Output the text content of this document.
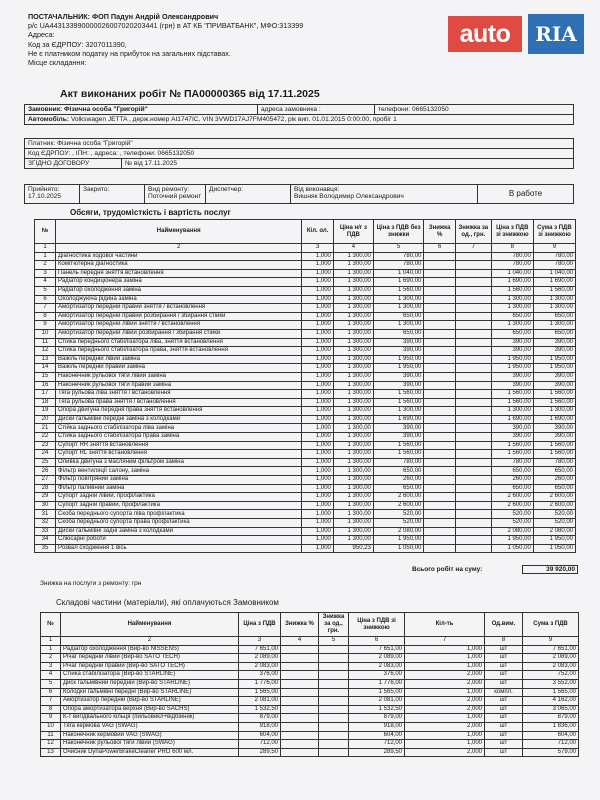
auto	RIA
ПОСТАЧАЛЬНИК: ФОП Падун Андрій Олександрович
р/с UA443133990000026007020203441 (грн) в АТ КБ "ПРИВАТБАНК", МФО:313399
Адреса:
Код за ЄДРПОУ: 3207011390,
Не є платником податку на прибуток на загальних підставах.
Місце складання:
Акт виконаних робіт № ПА00000365 від 17.11.2025
Замовник: Фізична особа "Григорій"	адреса замовника :	телефони: 0665132050
Автомобіль: Volkswagen JETTA , держ.номер АІ1747ІС, VIN 3VWD17AJ7FM405472, рік вип. 01.01.2015 0:00:00, пробіг 1
Платник: Фізична особа "Григорій"
Код ЄДРПОУ: , ІПН: , адреса: , телефони: 0665132050
ЗГІДНО ДОГОВОРУ	№ від 17.11.2025
Прийнято:
17.10.2025
Закрито:	Вид ремонту:
Поточний ремонт
Диспетчер:	Від виконавця:
Вишняк Володимир Олександрович	В работе
Обсяги, трудомісткість і вартість послуг
№	Найменування	Кіл. ол.	Ціна н/г з ПДВ	Ціна з ПДВ без знижки	Знижка %	Знижка за од., грн.	Ціна з ПДВ зі знижкою	Сума з ПДВ зі знижкою
1	2	3	4	5	6	7	8	9
1	Діагностика ходової частини	1,000	1 300,00	780,00			780,00	780,00
2	Комп'ютерна діагностика	1,000	1 300,00	780,00			780,00	780,00
3	Панель передня зняття встановлення	1,000	1 300,00	1 040,00			1 040,00	1 040,00
4	Радіатор кондиціонера заміна	1,000	1 300,00	1 690,00			1 690,00	1 690,00
5	Радіатор охолодження заміна	1,000	1 300,00	1 560,00			1 560,00	1 560,00
6	Охолоджуюча рідина заміна	1,000	1 300,00	1 300,00			1 300,00	1 300,00
7	Амортизатор передній правий зняття / встановлення	1,000	1 300,00	1 300,00			1 300,00	1 300,00
8	Амортизатор передній правий розбирання / збирання стійки	1,000	1 300,00	650,00			650,00	650,00
9	Амортизатор передній лівий зняття / встановлення	1,000	1 300,00	1 300,00			1 300,00	1 300,00
10	Амортизатор передній лівий розбирання / збирання стійки	1,000	1 300,00	650,00			650,00	650,00
11	Стійка переднього стабілізатора ліва, зняття встановлення	1,000	1 300,00	390,00			390,00	390,00
12	Стійка переднього стабілізатора права, зняття встановлення	1,000	1 300,00	390,00			390,00	390,00
13	Важіль передній лівий заміна	1,000	1 300,00	1 950,00			1 950,00	1 950,00
14	Важіль передній правий заміна	1,000	1 300,00	1 950,00			1 950,00	1 950,00
15	Наконечник рульової тяги лівий заміна	1,000	1 300,00	390,00			390,00	390,00
16	Наконечник рульової тяги правий заміна	1,000	1 300,00	390,00			390,00	390,00
17	Тяга рульова ліва зняття / встановлення	1,000	1 300,00	1 560,00			1 560,00	1 560,00
18	Тяга рульова права зняття / встановлення	1,000	1 300,00	1 560,00			1 560,00	1 560,00
19	Опора двигуна передня права зняття встановлення	1,000	1 300,00	1 300,00			1 300,00	1 300,00
20	Диски гальмівні передні заміна з колодками	1,000	1 300,00	1 690,00			1 690,00	1 690,00
21	Стійка заднього стабілізатора ліва заміна	1,000	1 300,00	390,00			390,00	390,00
22	Стійка заднього стабілізатора права заміна	1,000	1 300,00	390,00			390,00	390,00
23	Супорт RR зняття встановлення	1,000	1 300,00	1 560,00			1 560,00	1 560,00
24	Супорт RL зняття встановлення	1,000	1 300,00	1 560,00			1 560,00	1 560,00
25	Оливка двигуна з масляним фільтром заміна	1,000	1 300,00	780,00			780,00	780,00
26	Фільтр вентиляції салону, заміна	1,000	1 300,00	650,00			650,00	650,00
27	Фільтр повітряний заміна	1,000	1 300,00	260,00			260,00	260,00
28	Фільтр паливний заміна	1,000	1 300,00	650,00			650,00	650,00
29	Супорт задній лівий, профілактика	1,000	1 300,00	2 600,00			2 600,00	2 600,00
30	Супорт задній правий, профілактика	1,000	1 300,00	2 600,00			2 600,00	2 600,00
31	Скоба переднього супорта ліва профілактика	1,000	1 300,00	520,00			520,00	520,00
32	Скоба переднього супорта права профілактика	1,000	1 300,00	520,00			520,00	520,00
33	Диски гальмівні задні заміна з колодками	1,000	1 300,00	2 080,00			2 080,00	2 080,00
34	Слюсарні роботи	1,000	1 300,00	1 950,00			1 950,00	1 950,00
35	Розвал сходження 1 вісь	1,000	950,23	1 050,00			1 050,00	1 050,00
Всього робіт на суму:	39 920,00
Знижка на послуги з ремонту: грн
Складові частини (матеріали), які оплачуються Замовником
№	Найменування	Ціна з ПДВ	Знижка %	Знижка за од., грн.	Ціна з ПДВ зі знижкою	Кіл-ть	Од.вим.	Сума з ПДВ
1	2	3	4	5	6	7	8	9
1	Радіатор охолодження (Вир-во NISSENS)	7 651,00			7 651,00	1,000	шт	7 651,00
2	Річаг передній лівий (Вир-во SATO TECH)	2 089,00			2 089,00	1,000	шт	2 089,00
3	Річаг передній правий (Вир-во SATO TECH)	2 083,00			2 083,00	1,000	шт	2 083,00
4	Стійка стабілізатора (Вир-во STARLINE)	376,00			376,00	2,000	шт	752,00
5	Диск гальмівний передній (Вир-во STARLINE)	1 776,00			1 776,00	2,000	шт	3 552,00
6	Колодки гальмівні передні (Вир-во STARLINE)	1 565,00			1 565,00	1,000	компл.	1 565,00
7	Амортизатор передній (Вир-во STARLINE)	2 081,00			2 081,00	2,000	шт	4 162,00
8	Опора амортизатора верхня (Вир-во SACHS)	1 532,50			1 532,50	2,000	шт	3 065,00
9	К-т вигідвального кільця (пильовикл+відбійник)	879,00			879,00	1,000	шт	879,00
10	Тяга кермова VAG (SWAG)	918,00			918,00	2,000	шт	1 836,00
11	Наконечник кермовий VAG (SWAG)	604,00			604,00	1,000	шт	604,00
12	Наконечник рульової тяги лівий (SWAG)	712,00			712,00	1,000	шт	712,00
13	Очисник DynaPowerBrakeCleaner PRO 600 мл.	289,50			289,50	2,000	шт	579,00
